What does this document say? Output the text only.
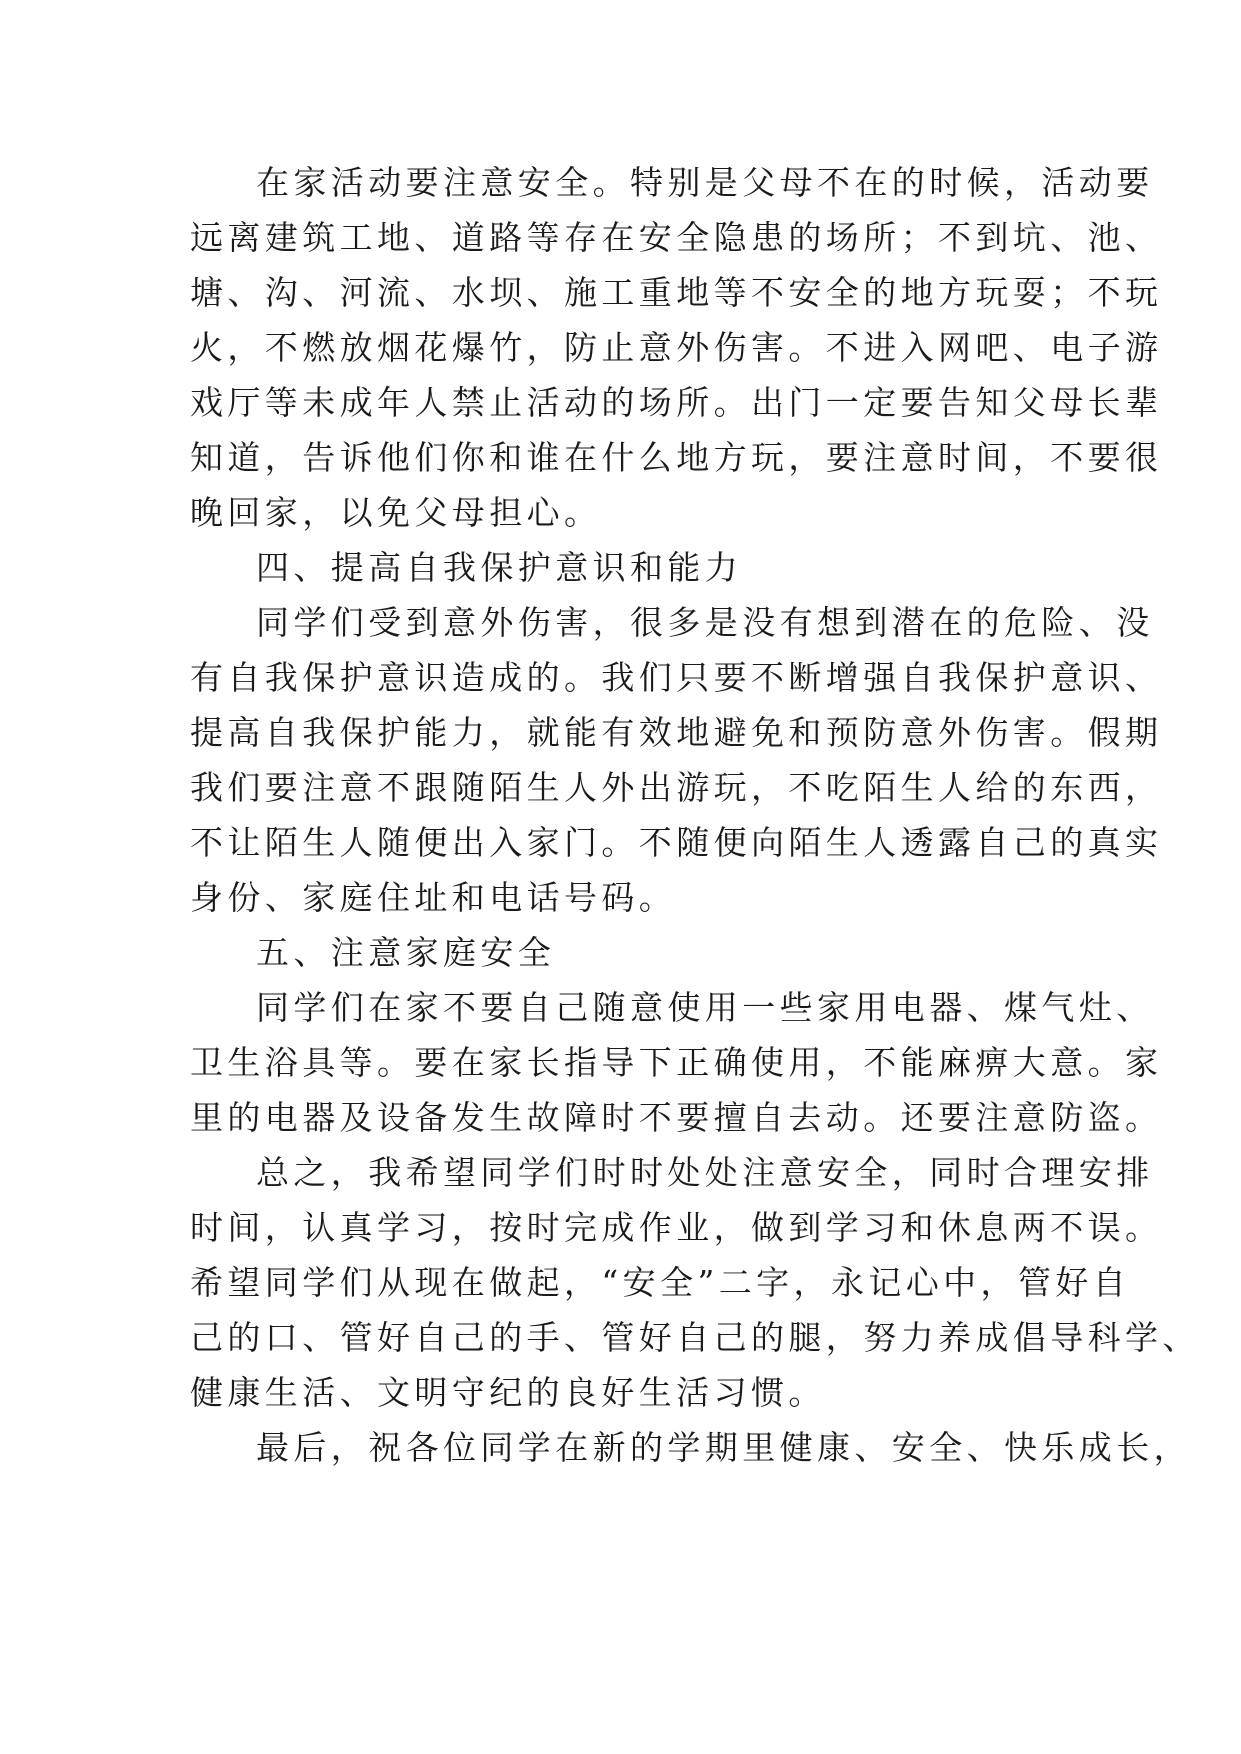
在家活动要注意安全。特别是父母不在的时候，活动要
远离建筑工地、道路等存在安全隐患的场所；不到坑、池、
塘、沟、河流、水坝、施工重地等不安全的地方玩耍；不玩
火，不燃放烟花爆竹，防止意外伤害。不进入网吧、电子游
戏厅等未成年人禁止活动的场所。出门一定要告知父母长辈
知道，告诉他们你和谁在什么地方玩，要注意时间，不要很
晚回家，以免父母担心。
四、提高自我保护意识和能力
同学们受到意外伤害，很多是没有想到潜在的危险、没
有自我保护意识造成的。我们只要不断增强自我保护意识、
提高自我保护能力，就能有效地避免和预防意外伤害。假期
我们要注意不跟随陌生人外出游玩，不吃陌生人给的东西，
不让陌生人随便出入家门。不随便向陌生人透露自己的真实
身份、家庭住址和电话号码。
五、注意家庭安全
同学们在家不要自己随意使用一些家用电器、煤气灶、
卫生浴具等。要在家长指导下正确使用，不能麻痹大意。家
里的电器及设备发生故障时不要擅自去动。还要注意防盗。
总之，我希望同学们时时处处注意安全，同时合理安排
时间，认真学习，按时完成作业，做到学习和休息两不误。
希望同学们从现在做起，“安全”二字，永记心中，管好自
己的口、管好自己的手、管好自己的腿，努力养成倡导科学、
健康生活、文明守纪的良好生活习惯。
最后，祝各位同学在新的学期里健康、安全、快乐成长，
